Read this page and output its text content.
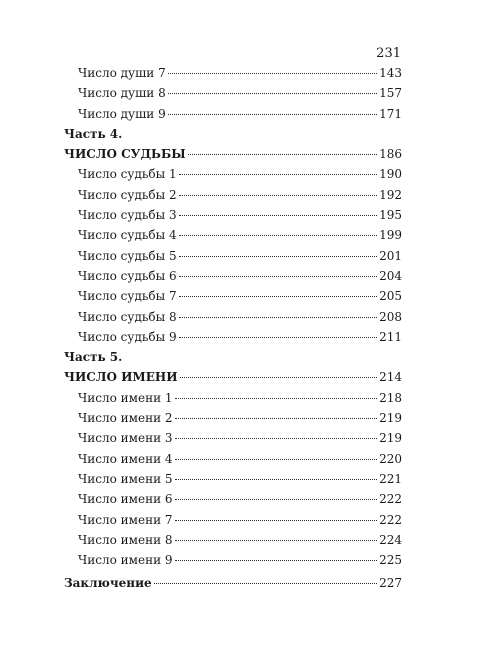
231
Число души 7	143
Число души 8	157
Число души 9	171
Часть 4.
ЧИСЛО СУДЬБЫ	186
Число судьбы 1	190
Число судьбы 2	192
Число судьбы 3	195
Число судьбы 4	199
Число судьбы 5	201
Число судьбы 6	204
Число судьбы 7	205
Число судьбы 8	208
Число судьбы 9	211
Часть 5.
ЧИСЛО ИМЕНИ	214
Число имени 1	218
Число имени 2	219
Число имени 3	219
Число имени 4	220
Число имени 5	221
Число имени 6	222
Число имени 7	222
Число имени 8	224
Число имени 9	225
Заключение	227
